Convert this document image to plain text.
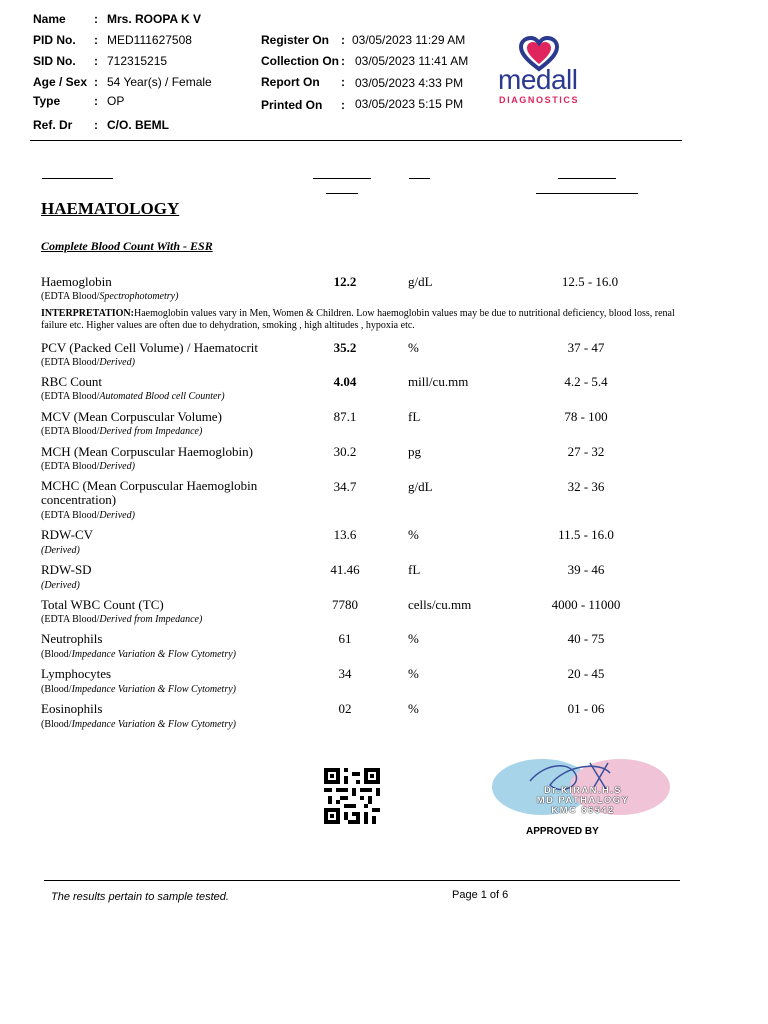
Name : Mrs. ROOPA K V
PID No. : MED111627508
SID No. : 712315215
Age / Sex : 54 Year(s) / Female
Type	: OP
Ref. Dr : C/O. BEML
Register On : 03/05/2023 11:29 AM
Collection On : 03/05/2023 11:41 AM
Report On : 03/05/2023 4:33 PM
Printed On : 03/05/2023 5:15 PM
medall
DIAGNOSTICS
HAEMATOLOGY
Complete Blood Count With - ESR
Haemoglobin	12.2	g/dL	12.5 - 16.0
(EDTA Blood/Spectrophotometry)
INTERPRETATION:Haemoglobin values vary in Men, Women & Children. Low haemoglobin values may be due to nutritional deficiency, blood loss, renal failure etc. Higher values are often due to dehydration, smoking , high altitudes , hypoxia etc.
PCV (Packed Cell Volume) / Haematocrit	35.2	%	37 - 47
(EDTA Blood/Derived)
RBC Count	4.04	mill/cu.mm	4.2 - 5.4
(EDTA Blood/Automated Blood cell Counter)
MCV (Mean Corpuscular Volume)	87.1	fL	78 - 100
(EDTA Blood/Derived from Impedance)
MCH (Mean Corpuscular Haemoglobin)	30.2	pg	27 - 32
(EDTA Blood/Derived)
MCHC (Mean Corpuscular Haemoglobin concentration)
34.7	g/dL	32 - 36
(EDTA Blood/Derived)
RDW-CV	13.6	%	11.5 - 16.0
(Derived)
RDW-SD	41.46	fL	39 - 46
(Derived)
Total WBC Count (TC)	7780	cells/cu.mm	4000 - 11000
(EDTA Blood/Derived from Impedance)
Neutrophils	61	%	40 - 75
(Blood/Impedance Variation & Flow Cytometry)
Lymphocytes	34	%	20 - 45
(Blood/Impedance Variation & Flow Cytometry)
Eosinophils	02	%	01 - 06
(Blood/Impedance Variation & Flow Cytometry)
Dr.KIRAN.H.S
MD PATHALOGY
KMC 86542
APPROVED BY
The results pertain to sample tested.	Page 1 of 6
